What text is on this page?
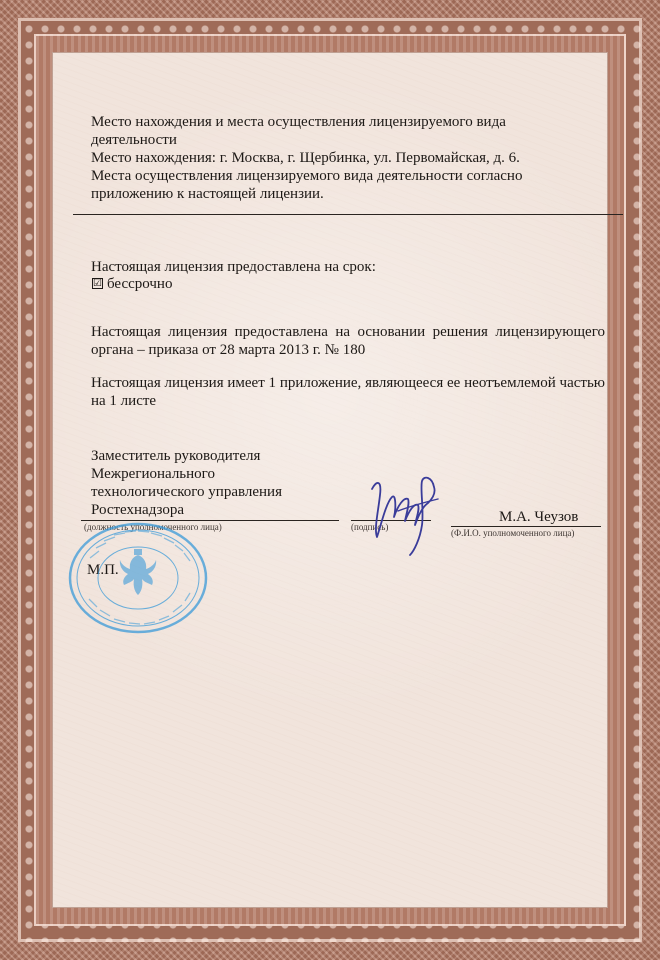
Место нахождения и места осуществления лицензируемого вида
деятельности
Место нахождения: г. Москва, г. Щербинка, ул. Первомайская, д. 6.
Места осуществления лицензируемого вида деятельности согласно
приложению к настоящей лицензии.
Настоящая лицензия предоставлена на срок:
☑ бессрочно
Настоящая лицензия предоставлена на основании решения лицензирующего органа – приказа от 28 марта 2013 г. № 180
Настоящая лицензия имеет 1 приложение, являющееся ее неотъемлемой частью на 1 листе
Заместитель руководителя Межрегионального технологического управления Ростехнадзора
(должность уполномоченного лица)	(подпись)
М.А. Чеузов
(Ф.И.О. уполномоченного лица)
М.П.
